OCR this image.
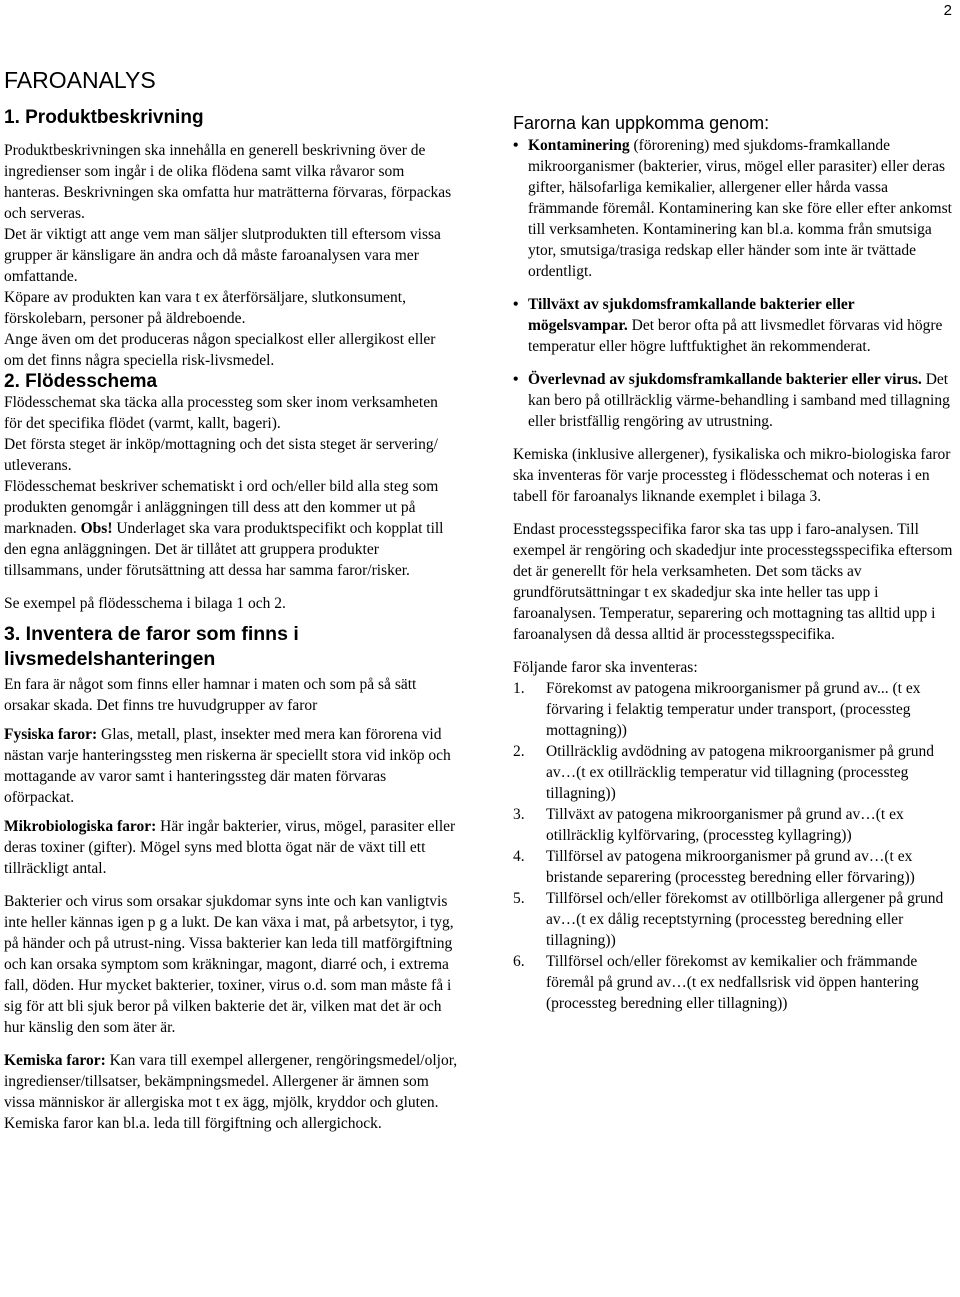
2
FAROANALYS
1. Produktbeskrivning

Produktbeskrivningen ska innehålla en generell beskrivning över de ingredienser som ingår i de olika flödena samt vilka råvaror som hanteras. Beskrivningen ska omfatta hur maträtterna förvaras, förpackas och serveras.

Det är viktigt att ange vem man säljer slutprodukten till eftersom vissa grupper är känsligare än andra och då måste faroanalysen vara mer omfattande.

Köpare av produkten kan vara t ex återförsäljare, slutkonsument, förskolebarn, personer på äldreboende.

Ange även om det produceras någon specialkost eller allergikost eller om det finns några speciella risk-livsmedel.

2. Flödesschema

Flödesschemat ska täcka alla processteg som sker inom verksamheten för det specifika flödet (varmt, kallt, bageri).

Det första steget är inköp/mottagning och det sista steget är servering/ utleverans.

Flödesschemat beskriver schematiskt i ord och/eller bild alla steg som produkten genomgår i anläggningen till dess att den kommer ut på marknaden. Obs! Underlaget ska vara produktspecifikt och kopplat till den egna anläggningen. Det är tillåtet att gruppera produkter tillsammans, under förutsättning att dessa har samma faror/risker.

Se exempel på flödesschema i bilaga 1 och 2.

3. Inventera de faror som finns i livsmedelshanteringen

En fara är något som finns eller hamnar i maten och som på så sätt orsakar skada. Det finns tre huvudgrupper av faror

Fysiska faror: Glas, metall, plast, insekter med mera kan förorena vid nästan varje hanteringssteg men riskerna är speciellt stora vid inköp och mottagande av varor samt i hanteringssteg där maten förvaras oförpackat.

Mikrobiologiska faror: Här ingår bakterier, virus, mögel, parasiter eller deras toxiner (gifter). Mögel syns med blotta ögat när de växt till ett tillräckligt antal.

Bakterier och virus som orsakar sjukdomar syns inte och kan vanligtvis inte heller kännas igen p g a lukt. De kan växa i mat, på arbetsytor, i tyg, på händer och på utrust-ning. Vissa bakterier kan leda till matförgiftning och kan orsaka symptom som kräkningar, magont, diarré och, i extrema fall, döden. Hur mycket bakterier, toxiner, virus o.d. som man måste få i sig för att bli sjuk beror på vilken bakterie det är, vilken mat det är och hur känslig den som äter är.

Kemiska faror: Kan vara till exempel allergener, rengöringsmedel/oljor, ingredienser/tillsatser, bekämpningsmedel. Allergener är ämnen som vissa människor är allergiska mot t ex ägg, mjölk, kryddor och gluten. Kemiska faror kan bl.a. leda till förgiftning och allergichock.

Farorna kan uppkomma genom:
• Kontaminering (förorening) med sjukdoms-framkallande mikroorganismer (bakterier, virus, mögel eller parasiter) eller deras gifter, hälsofarliga kemikalier, allergener eller hårda vassa främmande föremål. Kontaminering kan ske före eller efter ankomst till verksamheten. Kontaminering kan bl.a. komma från smutsiga ytor, smutsiga/trasiga redskap eller händer som inte är tvättade ordentligt.
• Tillväxt av sjukdomsframkallande bakterier eller mögelsvampar. Det beror ofta på att livsmedlet förvaras vid högre temperatur eller högre luftfuktighet än rekommenderat.
• Överlevnad av sjukdomsframkallande bakterier eller virus. Det kan bero på otillräcklig värme-behandling i samband med tillagning eller bristfällig rengöring av utrustning.

Kemiska (inklusive allergener), fysikaliska och mikro-biologiska faror ska inventeras för varje processteg i flödesschemat och noteras i en tabell för faroanalys liknande exemplet i bilaga 3.

Endast processtegsspecifika faror ska tas upp i faro-analysen. Till exempel är rengöring och skadedjur inte processtegsspecifika eftersom det är generellt för hela verksamheten. Det som täcks av grundförutsättningar t ex skadedjur ska inte heller tas upp i faroanalysen. Temperatur, separering och mottagning tas alltid upp i faroanalysen då dessa alltid är processtegsspecifika.

Följande faror ska inventeras:

1.	Förekomst av patogena mikroorganismer på grund av... (t ex förvaring i felaktig temperatur under transport, (processteg mottagning))
2.	Otillräcklig avdödning av patogena mikroorganismer på grund av…(t ex otillräcklig temperatur vid tillagning (processteg tillagning))
3.	Tillväxt av patogena mikroorganismer på grund av…(t ex otillräcklig kylförvaring, (processteg kyllagring))
4.	Tillförsel av patogena mikroorganismer på grund av…(t ex bristande separering (processteg beredning eller förvaring))
5.	Tillförsel och/eller förekomst av otillbörliga allergener på grund av…(t ex dålig receptstyrning (processteg beredning eller tillagning))
6.	Tillförsel och/eller förekomst av kemikalier och främmande föremål på grund av…(t ex nedfallsrisk vid öppen hantering (processteg beredning eller tillagning))
